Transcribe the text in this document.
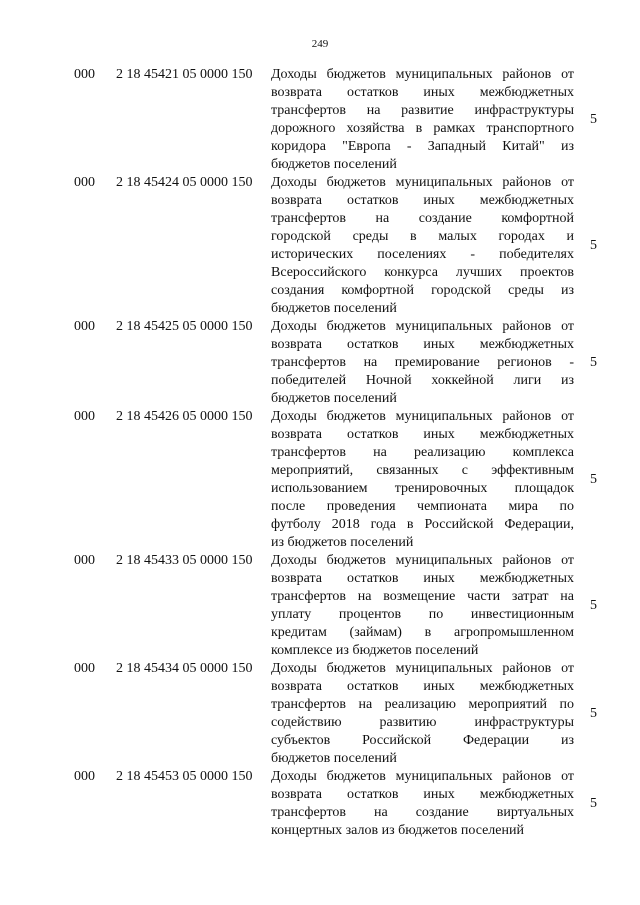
249
000 2 18 45421 05 0000 150 Доходы бюджетов муниципальных районов от
возврата остатков иных межбюджетных
трансфертов на развитие инфраструктуры
дорожного хозяйства в рамках транспортного
коридора "Европа - Западный Китай" из
бюджетов поселений
5
000 2 18 45424 05 0000 150 Доходы бюджетов муниципальных районов от
возврата остатков иных межбюджетных
трансфертов на создание комфортной
городской среды в малых городах и
исторических поселениях - победителях
Всероссийского конкурса лучших проектов
создания комфортной городской среды из
бюджетов поселений
5
000 2 18 45425 05 0000 150 Доходы бюджетов муниципальных районов от
возврата остатков иных межбюджетных
трансфертов на премирование регионов -
победителей Ночной хоккейной лиги из
бюджетов поселений
5
000 2 18 45426 05 0000 150 Доходы бюджетов муниципальных районов от
возврата остатков иных межбюджетных
трансфертов на реализацию комплекса
мероприятий, связанных с эффективным
использованием тренировочных площадок
после проведения чемпионата мира по
футболу 2018 года в Российской Федерации,
из бюджетов поселений
5
000 2 18 45433 05 0000 150 Доходы бюджетов муниципальных районов от
возврата остатков иных межбюджетных
трансфертов на возмещение части затрат на
уплату процентов по инвестиционным
кредитам (займам) в агропромышленном
комплексе из бюджетов поселений
5
000 2 18 45434 05 0000 150 Доходы бюджетов муниципальных районов от
возврата остатков иных межбюджетных
трансфертов на реализацию мероприятий по
содействию развитию инфраструктуры
субъектов Российской Федерации из
бюджетов поселений
5
000 2 18 45453 05 0000 150 Доходы бюджетов муниципальных районов от
возврата остатков иных межбюджетных
трансфертов на создание виртуальных
концертных залов из бюджетов поселений
5
